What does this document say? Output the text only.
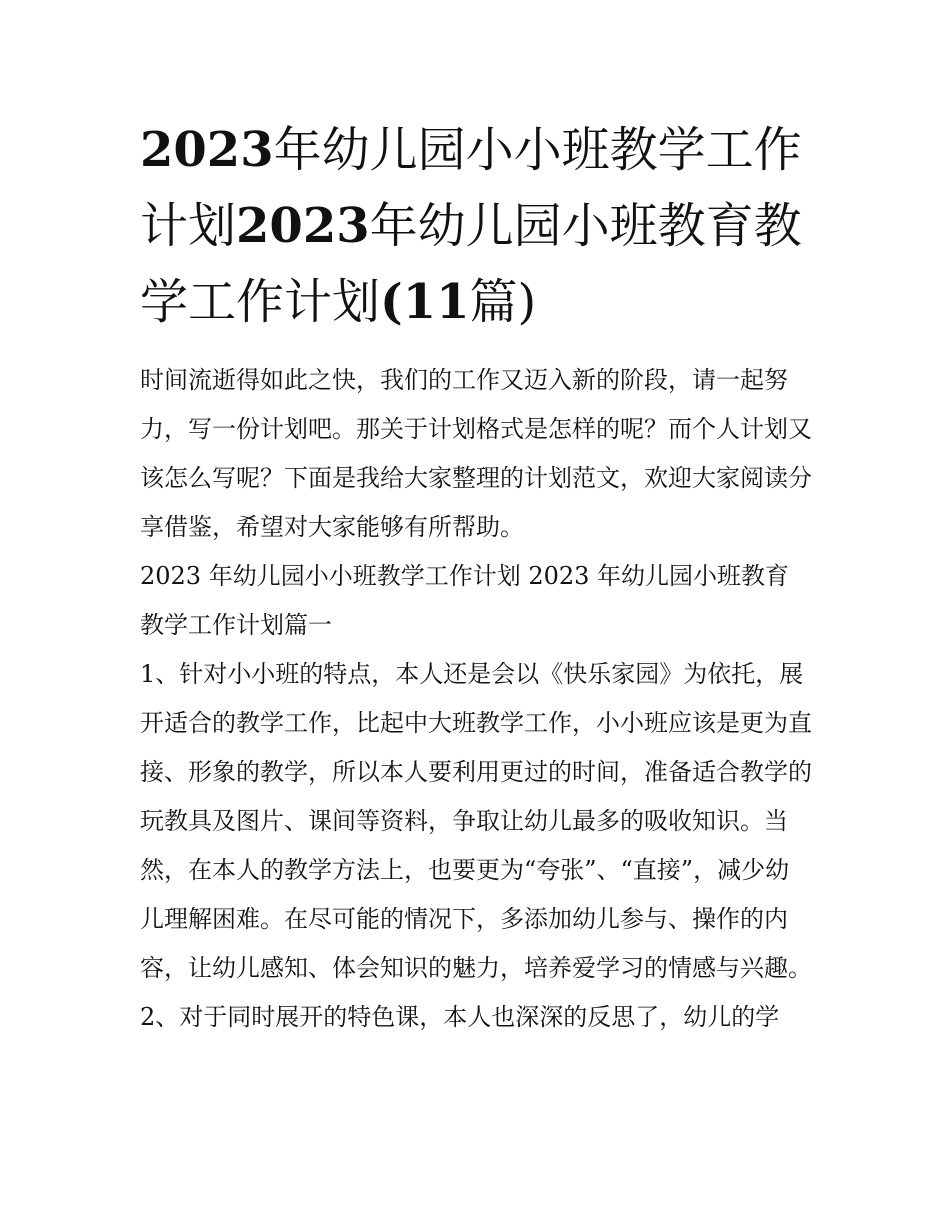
2023年幼儿园小小班教学工作
计划2023年幼儿园小班教育教学工作计划(11篇)

时间流逝得如此之快，我们的工作又迈入新的阶段，请一起努力，写一份计划吧。那关于计划格式是怎样的呢？而个人计划又该怎么写呢？下面是我给大家整理的计划范文，欢迎大家阅读分享借鉴，希望对大家能够有所帮助。

2023 年幼儿园小小班教学工作计划 2023 年幼儿园小班教育教学工作计划篇一

1、针对小小班的特点，本人还是会以《快乐家园》为依托，展开适合的教学工作，比起中大班教学工作，小小班应该是更为直接、形象的教学，所以本人要利用更过的时间，准备适合教学的玩教具及图片、课间等资料，争取让幼儿最多的吸收知识。当然，在本人的教学方法上，也要更为“夸张”、“直接”，减少幼儿理解困难。在尽可能的情况下，多添加幼儿参与、操作的内容，让幼儿感知、体会知识的魅力，培养爱学习的情感与兴趣。

2、对于同时展开的特色课，本人也深深的反思了，幼儿的学
